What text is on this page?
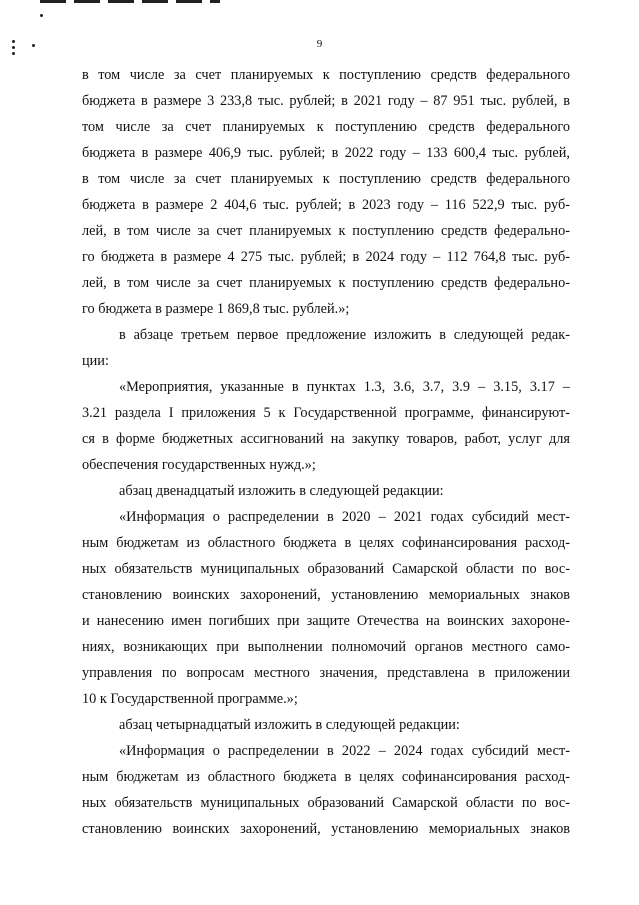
9
в том числе за счет планируемых к поступлению средств федерального
бюджета в размере 3 233,8 тыс. рублей; в 2021 году – 87 951 тыс. рублей, в
том числе за счет планируемых к поступлению средств федерального
бюджета в размере 406,9 тыс. рублей; в 2022 году – 133 600,4 тыс. рублей,
в том числе за счет планируемых к поступлению средств федерального
бюджета в размере 2 404,6 тыс. рублей; в 2023 году – 116 522,9 тыс. руб-
лей, в том числе за счет планируемых к поступлению средств федерально-
го бюджета в размере 4 275 тыс. рублей; в 2024 году – 112 764,8 тыс. руб-
лей, в том числе за счет планируемых к поступлению средств федерально-
го бюджета в размере 1 869,8 тыс. рублей.»;
в абзаце третьем первое предложение изложить в следующей редак-
ции:
«Мероприятия, указанные в пунктах 1.3, 3.6, 3.7, 3.9 – 3.15, 3.17 –
3.21 раздела I приложения 5 к Государственной программе, финансируют-
ся в форме бюджетных ассигнований на закупку товаров, работ, услуг для
обеспечения государственных нужд.»;
абзац двенадцатый изложить в следующей редакции:
«Информация о распределении в 2020 – 2021 годах субсидий мест-
ным бюджетам из областного бюджета в целях софинансирования расход-
ных обязательств муниципальных образований Самарской области по вос-
становлению воинских захоронений, установлению мемориальных знаков
и нанесению имен погибших при защите Отечества на воинских захороне-
ниях, возникающих при выполнении полномочий органов местного само-
управления по вопросам местного значения, представлена в приложении
10 к Государственной программе.»;
абзац четырнадцатый изложить в следующей редакции:
«Информация о распределении в 2022 – 2024 годах субсидий мест-
ным бюджетам из областного бюджета в целях софинансирования расход-
ных обязательств муниципальных образований Самарской области по вос-
становлению воинских захоронений, установлению мемориальных знаков
